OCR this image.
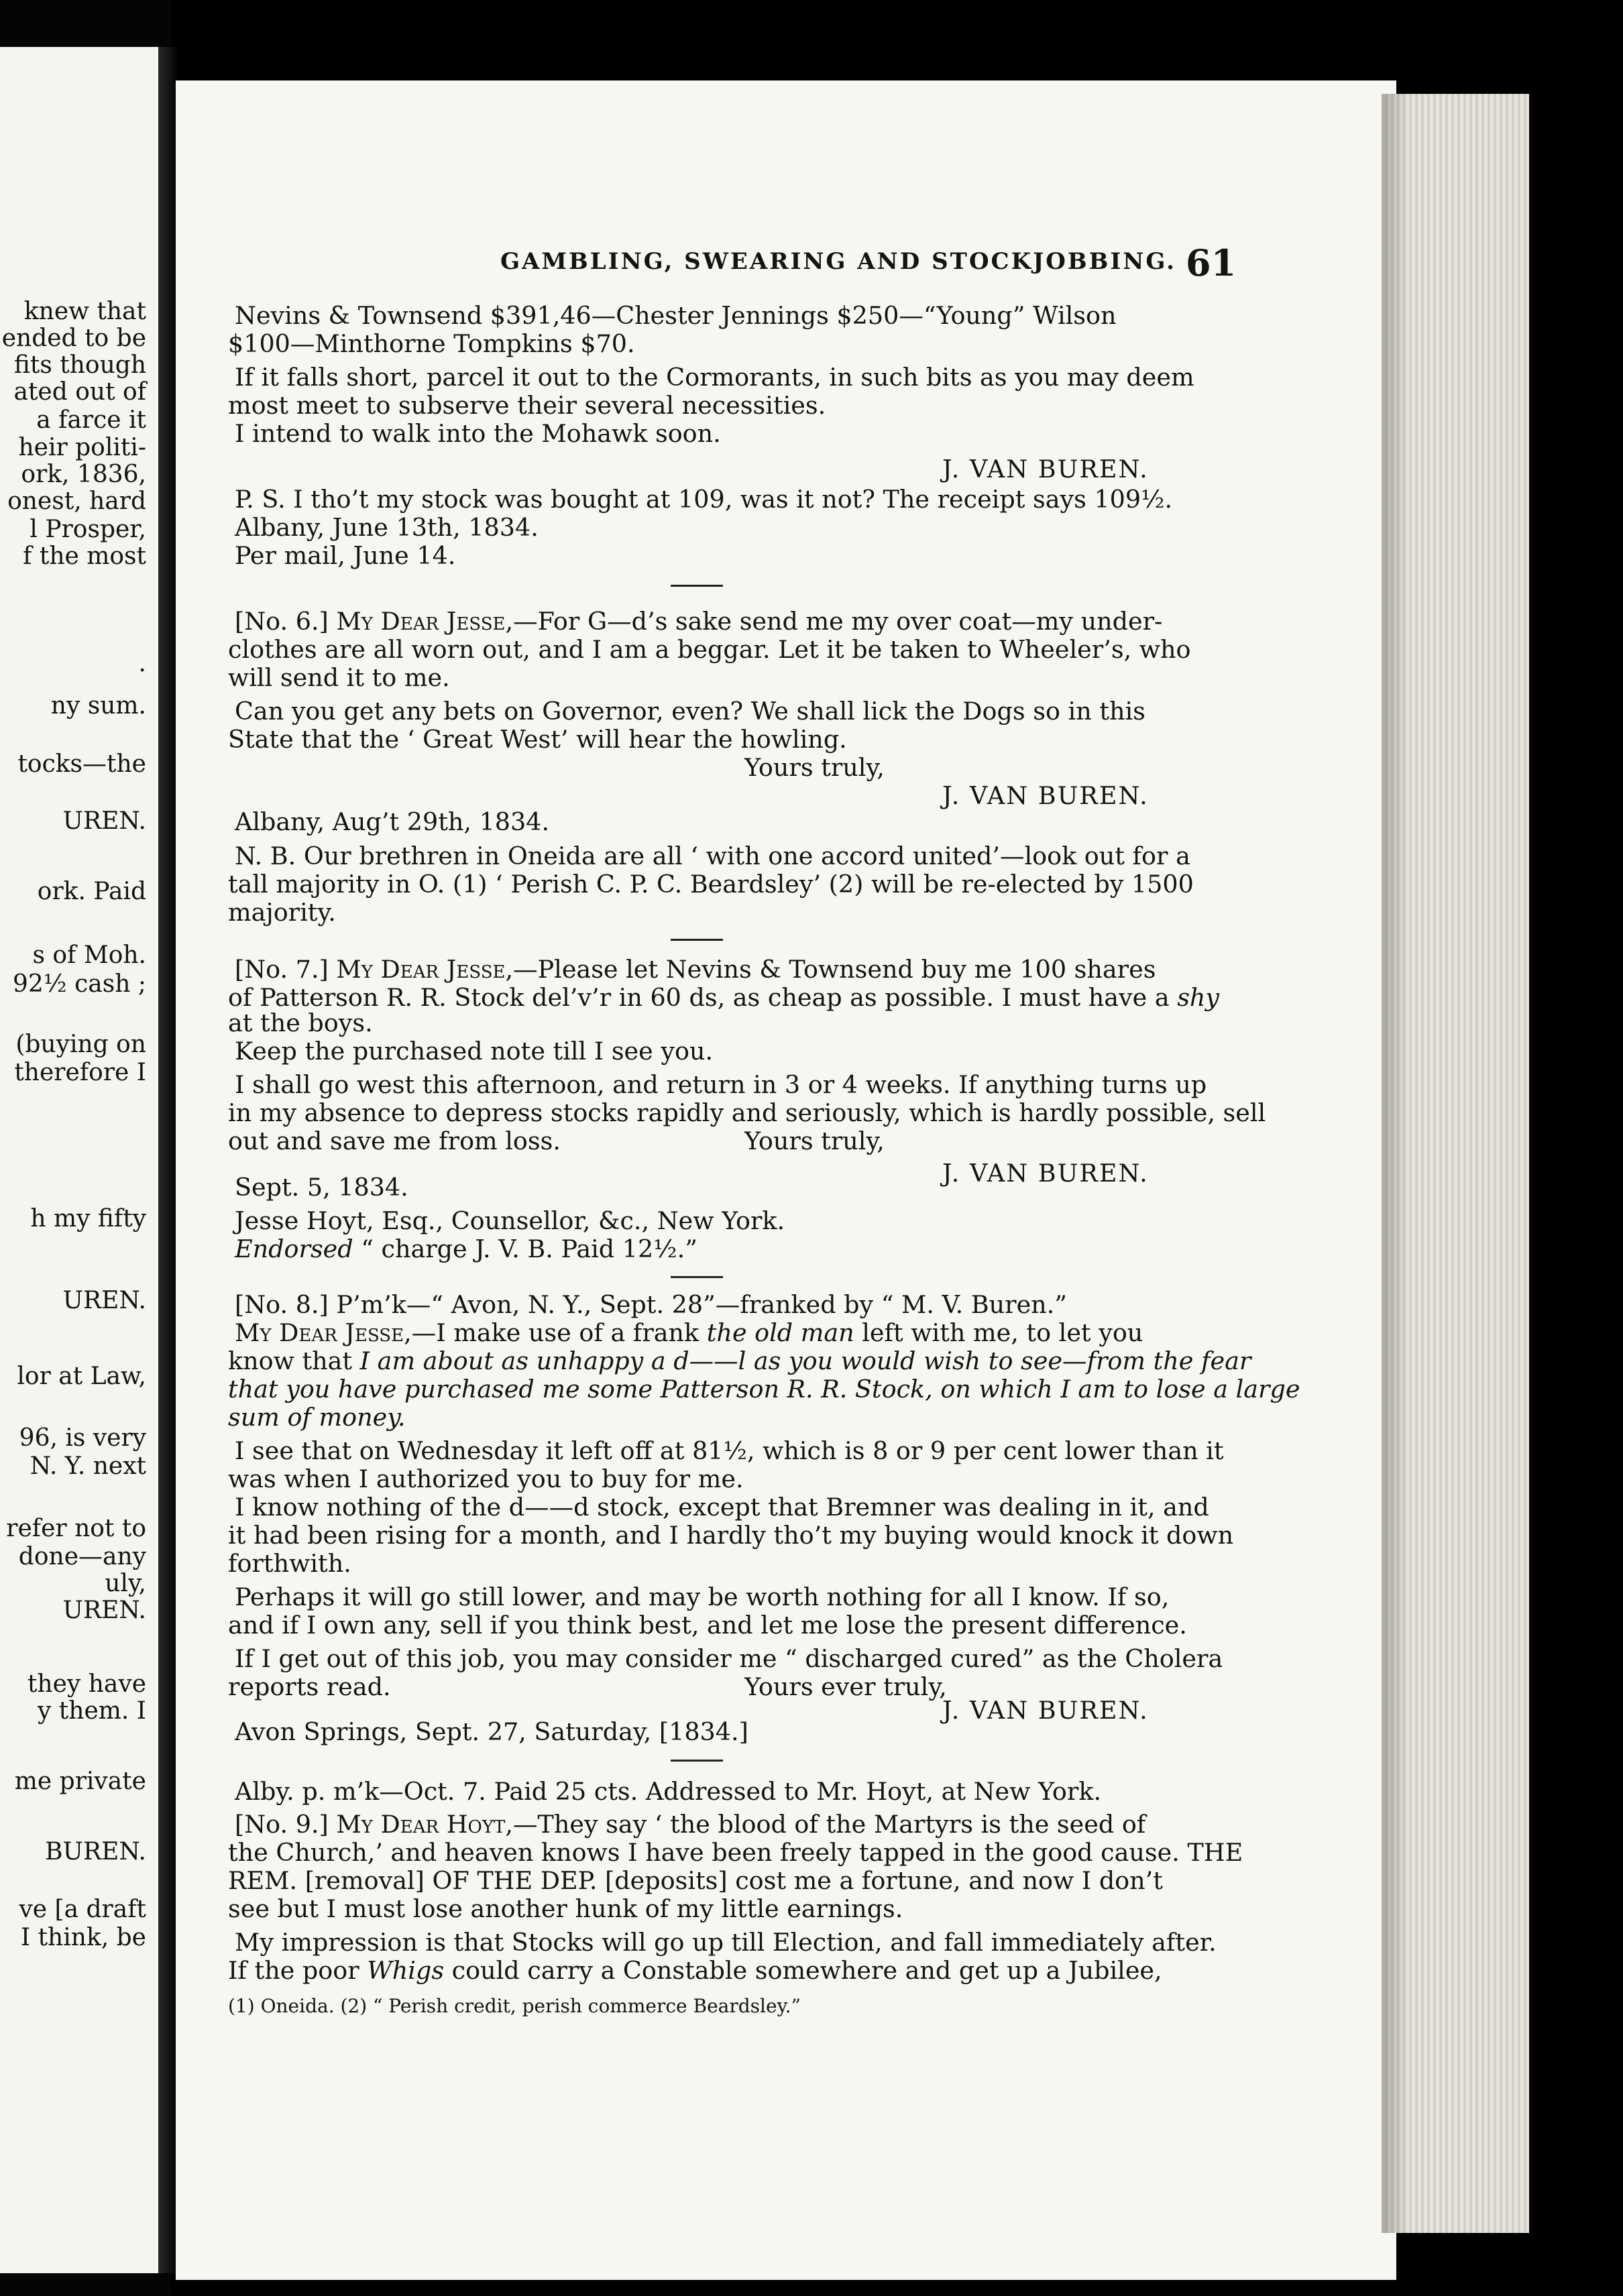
knew that
ended to be
fits though
ated out of
a farce it
heir politi-
ork, 1836,
onest, hard
l Prosper,
f the most
.
ny sum.
tocks—the
UREN.
ork. Paid
s of Moh.
92½ cash ;
(buying on
therefore I
h my fifty
UREN.
lor at Law,
96, is very
N. Y. next
refer not to
done—any
uly,
UREN.
they have
y them. I
me private
BUREN.
ve [a draft
I think, be
GAMBLING, SWEARING AND STOCKJOBBING. 61
Nevins & Townsend $391,46—Chester Jennings $250—“Young” Wilson
$100—Minthorne Tompkins $70.
If it falls short, parcel it out to the Cormorants, in such bits as you may deem
most meet to subserve their several necessities.
I intend to walk into the Mohawk soon.
J. VAN BUREN.
P. S. I tho’t my stock was bought at 109, was it not? The receipt says 109½.
Albany, June 13th, 1834.
Per mail, June 14.
[No. 6.] My Dear Jesse,—For G—d’s sake send me my over coat—my under-
clothes are all worn out, and I am a beggar. Let it be taken to Wheeler’s, who
will send it to me.
Can you get any bets on Governor, even? We shall lick the Dogs so in this
State that the ‘ Great West’ will hear the howling.
Yours truly,
J. VAN BUREN.
Albany, Aug’t 29th, 1834.
N. B. Our brethren in Oneida are all ‘ with one accord united’—look out for a
tall majority in O. (1) ‘ Perish C. P. C. Beardsley’ (2) will be re-elected by 1500
majority.
[No. 7.] My Dear Jesse,—Please let Nevins & Townsend buy me 100 shares
of Patterson R. R. Stock del’v’r in 60 ds, as cheap as possible. I must have a shy
at the boys.
Keep the purchased note till I see you.
I shall go west this afternoon, and return in 3 or 4 weeks. If anything turns up
in my absence to depress stocks rapidly and seriously, which is hardly possible, sell
out and save me from loss.	Yours truly,
J. VAN BUREN.
Sept. 5, 1834.
Jesse Hoyt, Esq., Counsellor, &c., New York.
Endorsed “ charge J. V. B. Paid 12½.”
[No. 8.] P’m’k—“ Avon, N. Y., Sept. 28”—franked by “ M. V. Buren.”
My Dear Jesse,—I make use of a frank the old man left with me, to let you
know that I am about as unhappy a d——l as you would wish to see—from the fear
that you have purchased me some Patterson R. R. Stock, on which I am to lose a large
sum of money.
I see that on Wednesday it left off at 81½, which is 8 or 9 per cent lower than it
was when I authorized you to buy for me.
I know nothing of the d——d stock, except that Bremner was dealing in it, and
it had been rising for a month, and I hardly tho’t my buying would knock it down
forthwith.
Perhaps it will go still lower, and may be worth nothing for all I know. If so,
and if I own any, sell if you think best, and let me lose the present difference.
If I get out of this job, you may consider me “ discharged cured” as the Cholera
reports read.	Yours ever truly,
J. VAN BUREN.
Avon Springs, Sept. 27, Saturday, [1834.]
Alby. p. m’k—Oct. 7. Paid 25 cts. Addressed to Mr. Hoyt, at New York.
[No. 9.] My Dear Hoyt,—They say ‘ the blood of the Martyrs is the seed of
the Church,’ and heaven knows I have been freely tapped in the good cause. THE
REM. [removal] OF THE DEP. [deposits] cost me a fortune, and now I don’t
see but I must lose another hunk of my little earnings.
My impression is that Stocks will go up till Election, and fall immediately after.
If the poor Whigs could carry a Constable somewhere and get up a Jubilee,
(1) Oneida. (2) “ Perish credit, perish commerce Beardsley.”
